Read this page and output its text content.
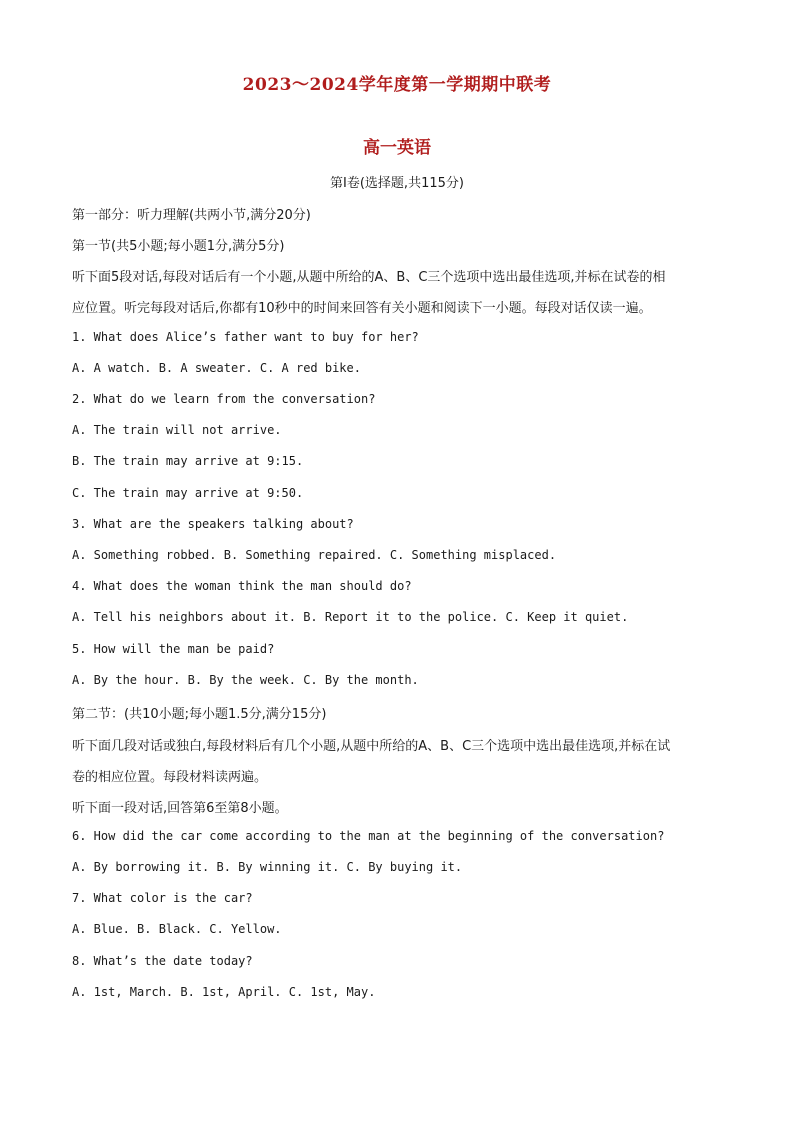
2023～2024学年度第一学期期中联考
高一英语
第Ⅰ卷(选择题,共115分)
第一部分：听力理解(共两小节,满分20分)
第一节(共5小题;每小题1分,满分5分)
听下面5段对话,每段对话后有一个小题,从题中所给的A、B、C三个选项中选出最佳选项,并标在试卷的相
应位置。听完每段对话后,你都有10秒中的时间来回答有关小题和阅读下一小题。每段对话仅读一遍。
1. What does Alice’s father want to buy for her?
A. A watch. B. A sweater. C. A red bike.
2. What do we learn from the conversation?
A. The train will not arrive.
B. The train may arrive at 9:15.
C. The train may arrive at 9:50.
3. What are the speakers talking about?
A. Something robbed. B. Something repaired. C. Something misplaced.
4. What does the woman think the man should do?
A. Tell his neighbors about it. B. Report it to the police. C. Keep it quiet.
5. How will the man be paid?
A. By the hour. B. By the week. C. By the month.
第二节：(共10小题;每小题1.5分,满分15分)
听下面几段对话或独白,每段材料后有几个小题,从题中所给的A、B、C三个选项中选出最佳选项,并标在试
卷的相应位置。每段材料读两遍。
听下面一段对话,回答第6至第8小题。
6. How did the car come according to the man at the beginning of the conversation?
A. By borrowing it. B. By winning it. C. By buying it.
7. What color is the car?
A. Blue. B. Black. C. Yellow.
8. What’s the date today?
A. 1st, March. B. 1st, April. C. 1st, May.
